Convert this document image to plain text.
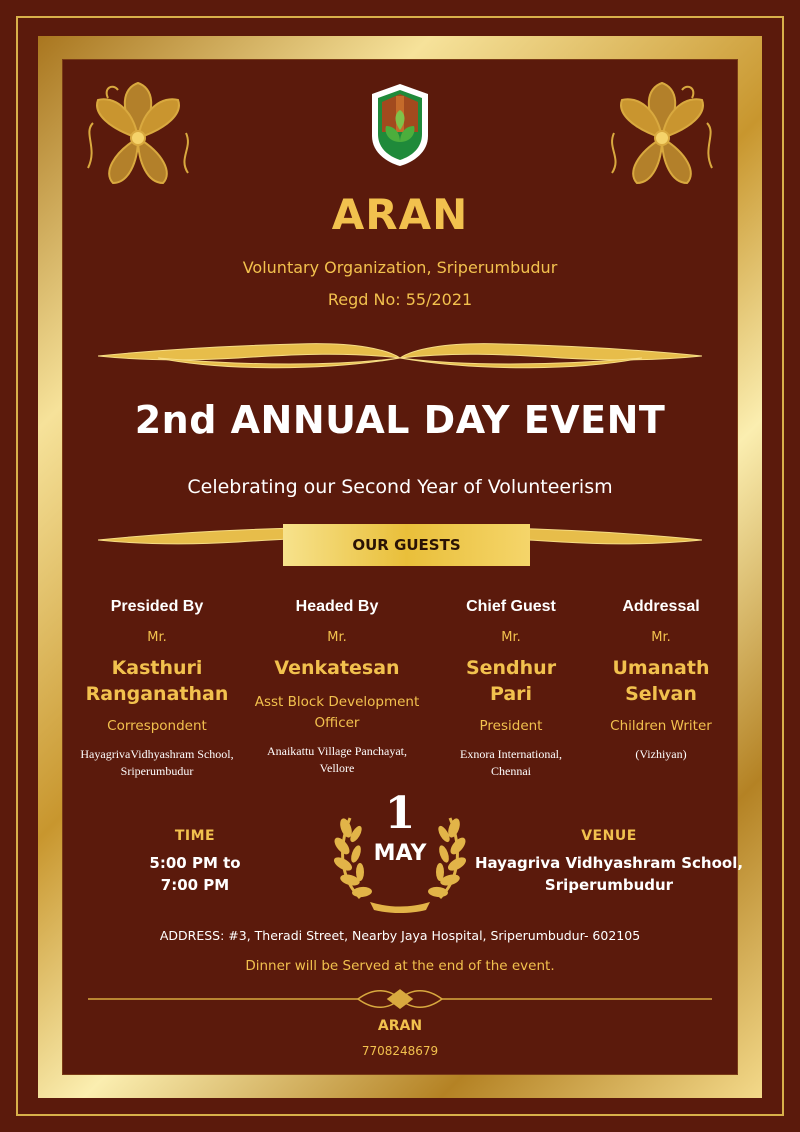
ARAN
Voluntary Organization, Sriperumbudur
Regd No: 55/2021
2nd ANNUAL DAY EVENT
Celebrating our Second Year of Volunteerism
OUR GUESTS
Presided By
Mr.
Kasthuri
Ranganathan
Correspondent
HayagrivaVidhyashram School,
Sriperumbudur
Headed By
Mr.
Venkatesan
Asst Block Development
Officer
Anaikattu Village Panchayat,
Vellore
Chief Guest
Mr.
Sendhur
Pari
President
Exnora International,
Chennai
Addressal
Mr.
Umanath
Selvan
Children Writer
(Vizhiyan)
TIME
5:00 PM to
7:00 PM
1
MAY
VENUE
Hayagriva Vidhyashram School,
Sriperumbudur
ADDRESS: #3, Theradi Street, Nearby Jaya Hospital, Sriperumbudur- 602105
Dinner will be Served at the end of the event.
ARAN
7708248679
